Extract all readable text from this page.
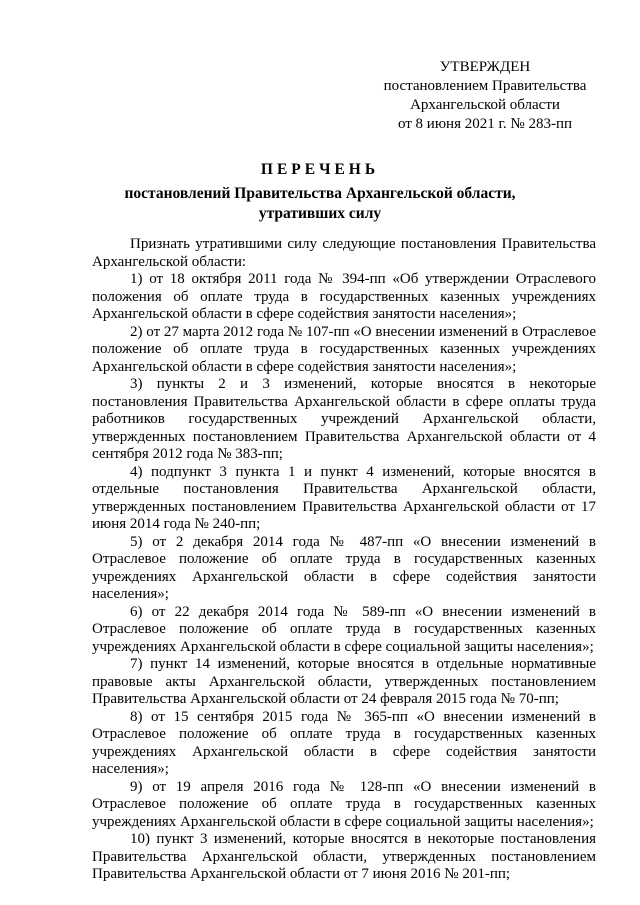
УТВЕРЖДЕН
постановлением Правительства
Архангельской области
от 8 июня 2021 г. № 283-пп
ПЕРЕЧЕНЬ
постановлений Правительства Архангельской области,
утративших силу

Признать утратившими силу следующие постановления Правительства Архангельской области:

1) от 18 октября 2011 года № 394-пп «Об утверждении Отраслевого положения об оплате труда в государственных казенных учреждениях Архангельской области в сфере содействия занятости населения»;

2) от 27 марта 2012 года № 107-пп «О внесении изменений в Отраслевое положение об оплате труда в государственных казенных учреждениях Архангельской области в сфере содействия занятости населения»;

3) пункты 2 и 3 изменений, которые вносятся в некоторые постановления Правительства Архангельской области в сфере оплаты труда работников государственных учреждений Архангельской области, утвержденных постановлением Правительства Архангельской области от 4 сентября 2012 года № 383-пп;

4) подпункт 3 пункта 1 и пункт 4 изменений, которые вносятся в отдельные постановления Правительства Архангельской области, утвержденных постановлением Правительства Архангельской области от 17 июня 2014 года № 240-пп;

5) от 2 декабря 2014 года № 487-пп «О внесении изменений в Отраслевое положение об оплате труда в государственных казенных учреждениях Архангельской области в сфере содействия занятости населения»;

6) от 22 декабря 2014 года № 589-пп «О внесении изменений в Отраслевое положение об оплате труда в государственных казенных учреждениях Архангельской области в сфере социальной защиты населения»;

7) пункт 14 изменений, которые вносятся в отдельные нормативные правовые акты Архангельской области, утвержденных постановлением Правительства Архангельской области от 24 февраля 2015 года № 70-пп;

8) от 15 сентября 2015 года № 365-пп «О внесении изменений в Отраслевое положение об оплате труда в государственных казенных учреждениях Архангельской области в сфере содействия занятости населения»;

9) от 19 апреля 2016 года № 128-пп «О внесении изменений в Отраслевое положение об оплате труда в государственных казенных учреждениях Архангельской области в сфере социальной защиты населения»;

10) пункт 3 изменений, которые вносятся в некоторые постановления Правительства Архангельской области, утвержденных постановлением Правительства Архангельской области от 7 июня 2016 № 201-пп;
